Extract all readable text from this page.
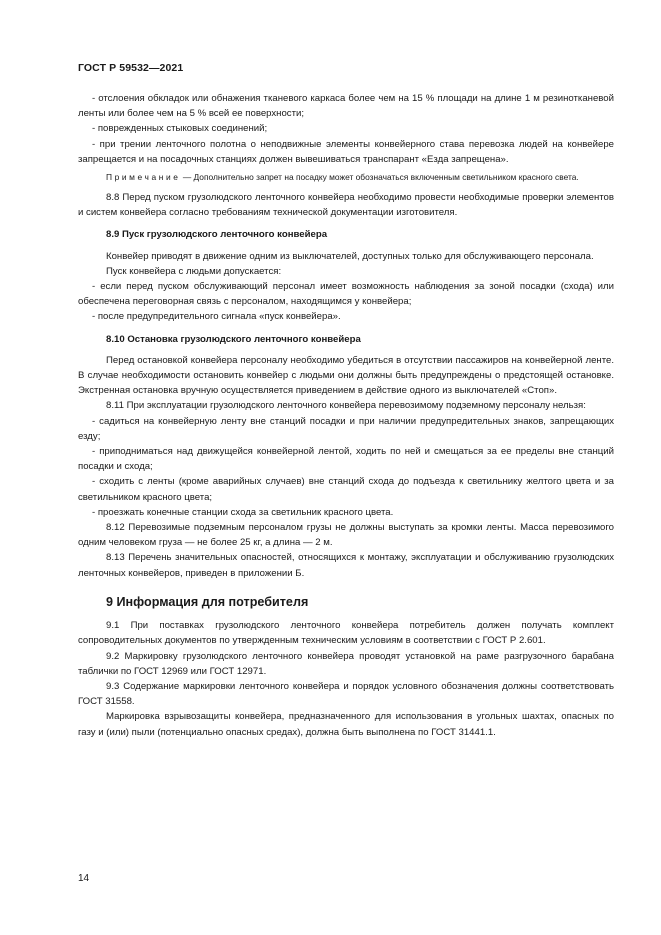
ГОСТ Р 59532—2021

‐ отслоения обкладок или обнажения тканевого каркаса более чем на 15 % площади на длине 1 м резинотканевой ленты или более чем на 5 % всей ее поверхности;

‐ поврежденных стыковых соединений;

‐ при трении ленточного полотна о неподвижные элементы конвейерного става перевозка людей на конвейере запрещается и на посадочных станциях должен вывешиваться транспарант «Езда запрещена».

Примечание — Дополнительно запрет на посадку может обозначаться включенным светильником красного света.

8.8 Перед пуском грузолюдского ленточного конвейера необходимо провести необходимые проверки элементов и систем конвейера согласно требованиям технической документации изготовителя.

8.9 Пуск грузолюдского ленточного конвейера

Конвейер приводят в движение одним из выключателей, доступных только для обслуживающего персонала.

Пуск конвейера с людьми допускается:

‐ если перед пуском обслуживающий персонал имеет возможность наблюдения за зоной посадки (схода) или обеспечена переговорная связь с персоналом, находящимся у конвейера;

‐ после предупредительного сигнала «пуск конвейера».

8.10 Остановка грузолюдского ленточного конвейера

Перед остановкой конвейера персоналу необходимо убедиться в отсутствии пассажиров на конвейерной ленте. В случае необходимости остановить конвейер с людьми они должны быть предупреждены о предстоящей остановке. Экстренная остановка вручную осуществляется приведением в действие одного из выключателей «Стоп».

8.11 При эксплуатации грузолюдского ленточного конвейера перевозимому подземному персоналу нельзя:

‐ садиться на конвейерную ленту вне станций посадки и при наличии предупредительных знаков, запрещающих езду;

‐ приподниматься над движущейся конвейерной лентой, ходить по ней и смещаться за ее пределы вне станций посадки и схода;

‐ сходить с ленты (кроме аварийных случаев) вне станций схода до подъезда к светильнику желтого цвета и за светильником красного цвета;

‐ проезжать конечные станции схода за светильник красного цвета.

8.12 Перевозимые подземным персоналом грузы не должны выступать за кромки ленты. Масса перевозимого одним человеком груза — не более 25 кг, а длина — 2 м.

8.13 Перечень значительных опасностей, относящихся к монтажу, эксплуатации и обслуживанию грузолюдских ленточных конвейеров, приведен в приложении Б.

9 Информация для потребителя

9.1 При поставках грузолюдского ленточного конвейера потребитель должен получать комплект сопроводительных документов по утвержденным техническим условиям в соответствии с ГОСТ Р 2.601.

9.2 Маркировку грузолюдского ленточного конвейера проводят установкой на раме разгрузочного барабана таблички по ГОСТ 12969 или ГОСТ 12971.

9.3 Содержание маркировки ленточного конвейера и порядок условного обозначения должны соответствовать ГОСТ 31558.

Маркировка взрывозащиты конвейера, предназначенного для использования в угольных шахтах, опасных по газу и (или) пыли (потенциально опасных средах), должна быть выполнена по ГОСТ 31441.1.

14
